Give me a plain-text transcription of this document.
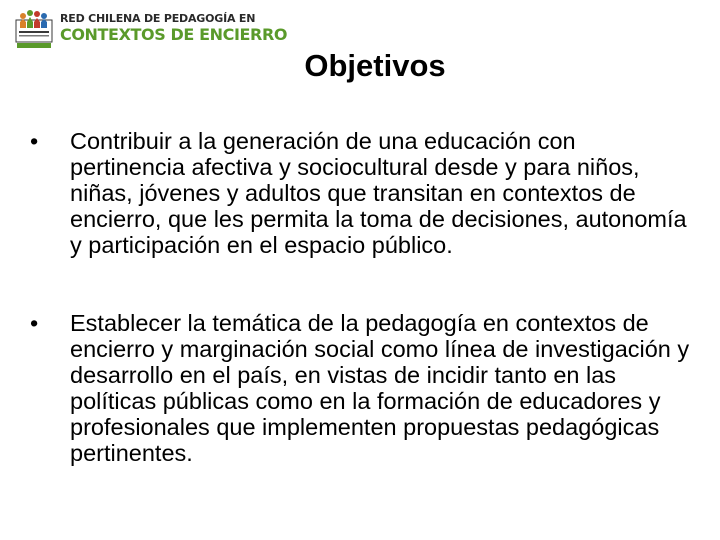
RED CHILENA DE PEDAGOGÍA EN
CONTEXTOS DE ENCIERRO
Objetivos
• Contribuir a la generación de una educación con pertinencia afectiva y sociocultural desde y para niños, niñas, jóvenes y adultos que transitan en contextos de encierro, que les permita la toma de decisiones, autonomía y participación en el espacio público.
• Establecer la temática de la pedagogía en contextos de encierro y marginación social como línea de investigación y desarrollo en el país, en vistas de incidir tanto en las políticas públicas como en la formación de educadores y profesionales que implementen propuestas pedagógicas pertinentes.
